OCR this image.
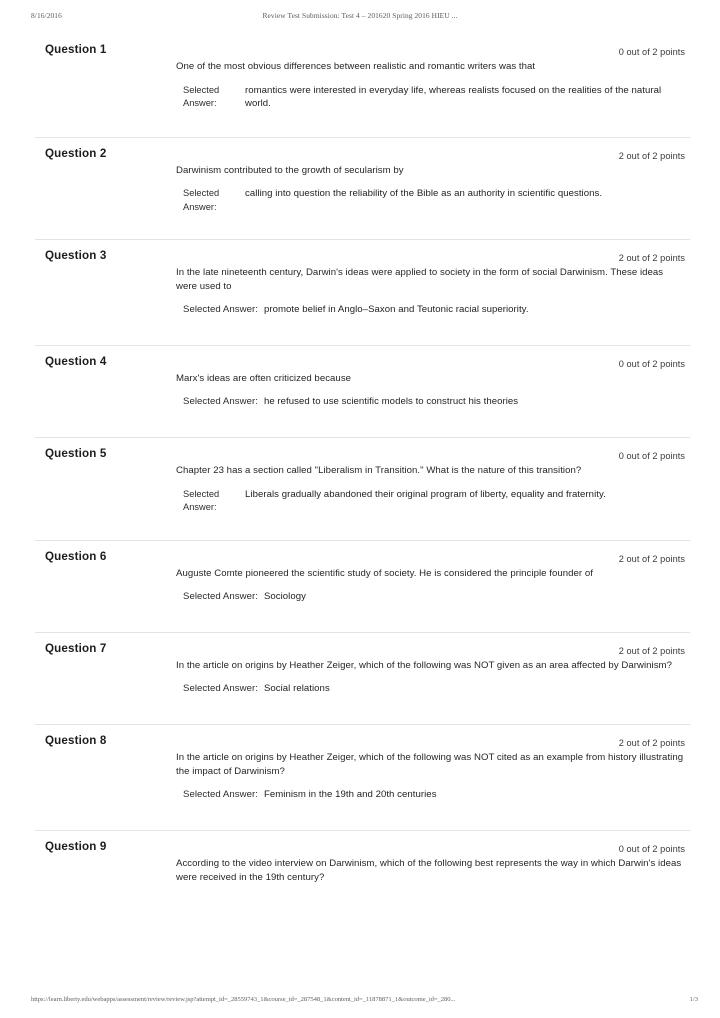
8/16/2016	Review Test Submission: Test 4 – 201620 Spring 2016 HIEU ...
Question 1	0 out of 2 points
One of the most obvious differences between realistic and romantic writers was that
Selected
Answer:
romantics were interested in everyday life, whereas realists focused on the realities of the natural world.
Question 2	2 out of 2 points
Darwinism contributed to the growth of secularism by
Selected
Answer:
calling into question the reliability of the Bible as an authority in scientific questions.
Question 3	2 out of 2 points
In the late nineteenth century, Darwin's ideas were applied to society in the form of social Darwinism. These ideas were used to
Selected Answer: promote belief in Anglo–Saxon and Teutonic racial superiority.
Question 4	0 out of 2 points
Marx's ideas are often criticized because
Selected Answer: he refused to use scientific models to construct his theories
Question 5	0 out of 2 points
Chapter 23 has a section called "Liberalism in Transition." What is the nature of this transition?
Selected
Answer:
Liberals gradually abandoned their original program of liberty, equality and fraternity.
Question 6	2 out of 2 points
Auguste Comte pioneered the scientific study of society. He is considered the principle founder of
Selected Answer: Sociology
Question 7	2 out of 2 points
In the article on origins by Heather Zeiger, which of the following was NOT given as an area affected by Darwinism?
Selected Answer: Social relations
Question 8	2 out of 2 points
In the article on origins by Heather Zeiger, which of the following was NOT cited as an example from history illustrating the impact of Darwinism?
Selected Answer: Feminism in the 19th and 20th centuries
Question 9	0 out of 2 points
According to the video interview on Darwinism, which of the following best represents the way in which Darwin's ideas were received in the 19th century?
https://learn.liberty.edu/webapps/assessment/review/review.jsp?attempt_id=_28559743_1&course_id=_287548_1&content_id=_11878871_1&outcome_id=_280...	1/3
